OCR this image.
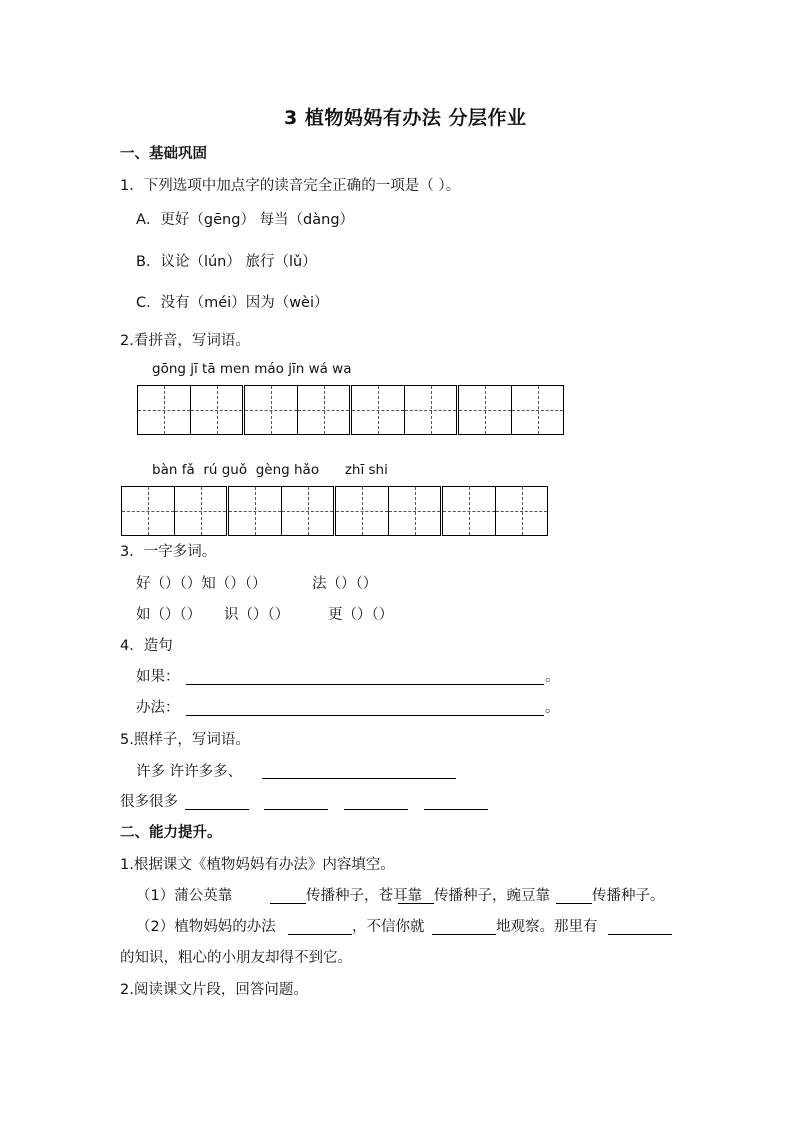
3 植物妈妈有办法 分层作业
一、基础巩固
1．下列选项中加点字的读音完全正确的一项是（ ）。
A．更好（gēng） 每当（dàng）
B．议论（lún） 旅行（lǔ）
C．没有（méi）因为（wèi）
2.看拼音，写词语。
gōng jī tā men máo jīn wá wa
bàn fǎ rú guǒ gèng hǎo zhī shi
3．一字多词。
好（）（）知（）（）	法（）（）
如（）（） 识（）（）	更（）（）
4．造句
如果：	。
办法：	。
5.照样子，写词语。
许多 许许多多、
很多很多
二、能力提升。
1.根据课文《植物妈妈有办法》内容填空。
（1）蒲公英靠	传播种子，苍耳靠 传播种子，豌豆靠	传播种子。
（2）植物妈妈的办法	，不信你就	地观察。那里有
的知识，粗心的小朋友却得不到它。
2.阅读课文片段，回答问题。
